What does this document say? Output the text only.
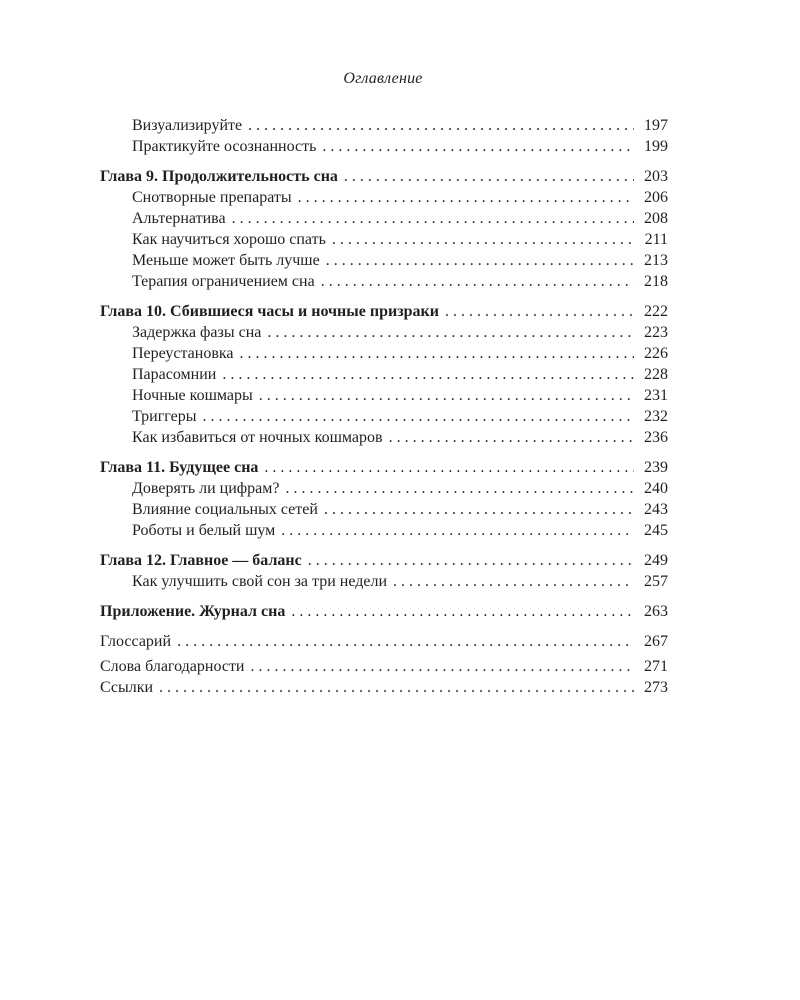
Оглавление
Визуализируйте . . .	197
Практикуйте осознанность . . .	199
Глава 9. Продолжительность сна . . .	203
Снотворные препараты . . .	206
Альтернатива . . .	208
Как научиться хорошо спать . . .	211
Меньше может быть лучше . . .	213
Терапия ограничением сна . . .	218
Глава 10. Сбившиеся часы и ночные призраки . . .	222
Задержка фазы сна . . .	223
Переустановка . . .	226
Парасомнии . . .	228
Ночные кошмары . . .	231
Триггеры . . .	232
Как избавиться от ночных кошмаров . . .	236
Глава 11. Будущее сна . . .	239
Доверять ли цифрам? . . .	240
Влияние социальных сетей . . .	243
Роботы и белый шум . . .	245
Глава 12. Главное — баланс . . .	249
Как улучшить свой сон за три недели . . .	257
Приложение. Журнал сна . . .	263
Глоссарий . . .	267
Слова благодарности . . .	271
Ссылки . . .	273
